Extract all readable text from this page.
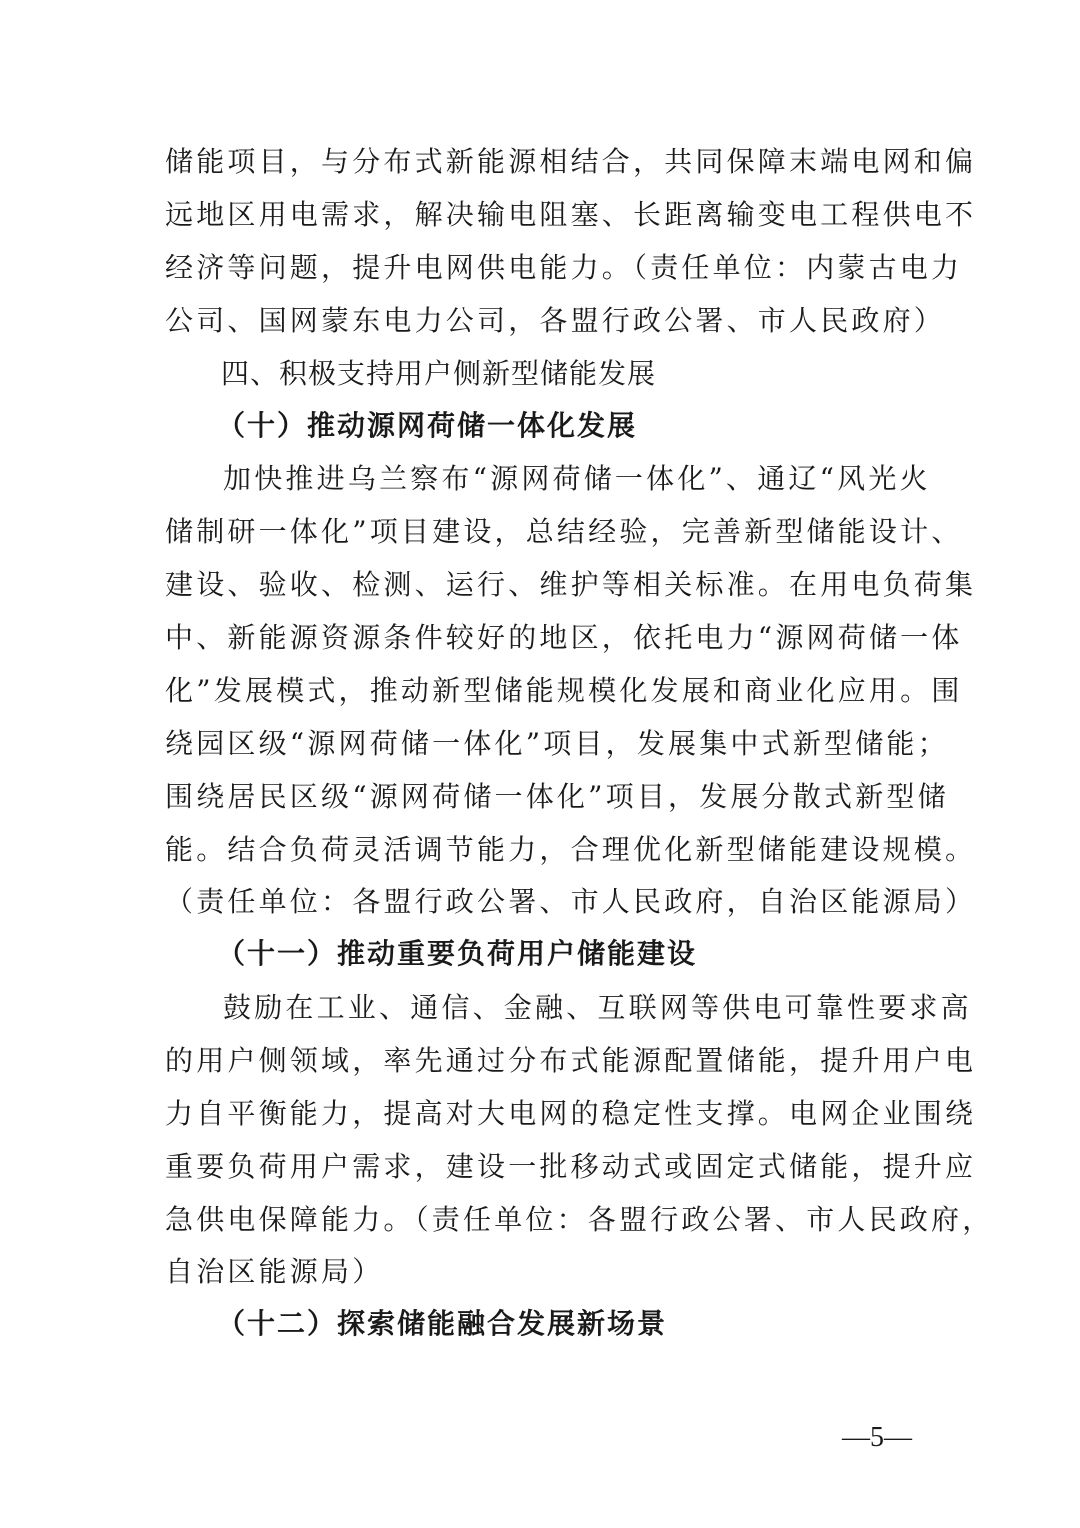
储能项目，与分布式新能源相结合，共同保障末端电网和偏
远地区用电需求，解决输电阻塞、长距离输变电工程供电不
经济等问题，提升电网供电能力。（责任单位：内蒙古电力
公司、国网蒙东电力公司，各盟行政公署、市人民政府）
四、积极支持用户侧新型储能发展
（十）推动源网荷储一体化发展
加快推进乌兰察布“源网荷储一体化”、通辽“风光火
储制研一体化”项目建设，总结经验，完善新型储能设计、
建设、验收、检测、运行、维护等相关标准。在用电负荷集
中、新能源资源条件较好的地区，依托电力“源网荷储一体
化”发展模式，推动新型储能规模化发展和商业化应用。围
绕园区级“源网荷储一体化”项目，发展集中式新型储能；
围绕居民区级“源网荷储一体化”项目，发展分散式新型储
能。结合负荷灵活调节能力，合理优化新型储能建设规模。
（责任单位：各盟行政公署、市人民政府，自治区能源局）
（十一）推动重要负荷用户储能建设
鼓励在工业、通信、金融、互联网等供电可靠性要求高
的用户侧领域，率先通过分布式能源配置储能，提升用户电
力自平衡能力，提高对大电网的稳定性支撑。电网企业围绕
重要负荷用户需求，建设一批移动式或固定式储能，提升应
急供电保障能力。（责任单位：各盟行政公署、市人民政府，
自治区能源局）
（十二）探索储能融合发展新场景
—5—
